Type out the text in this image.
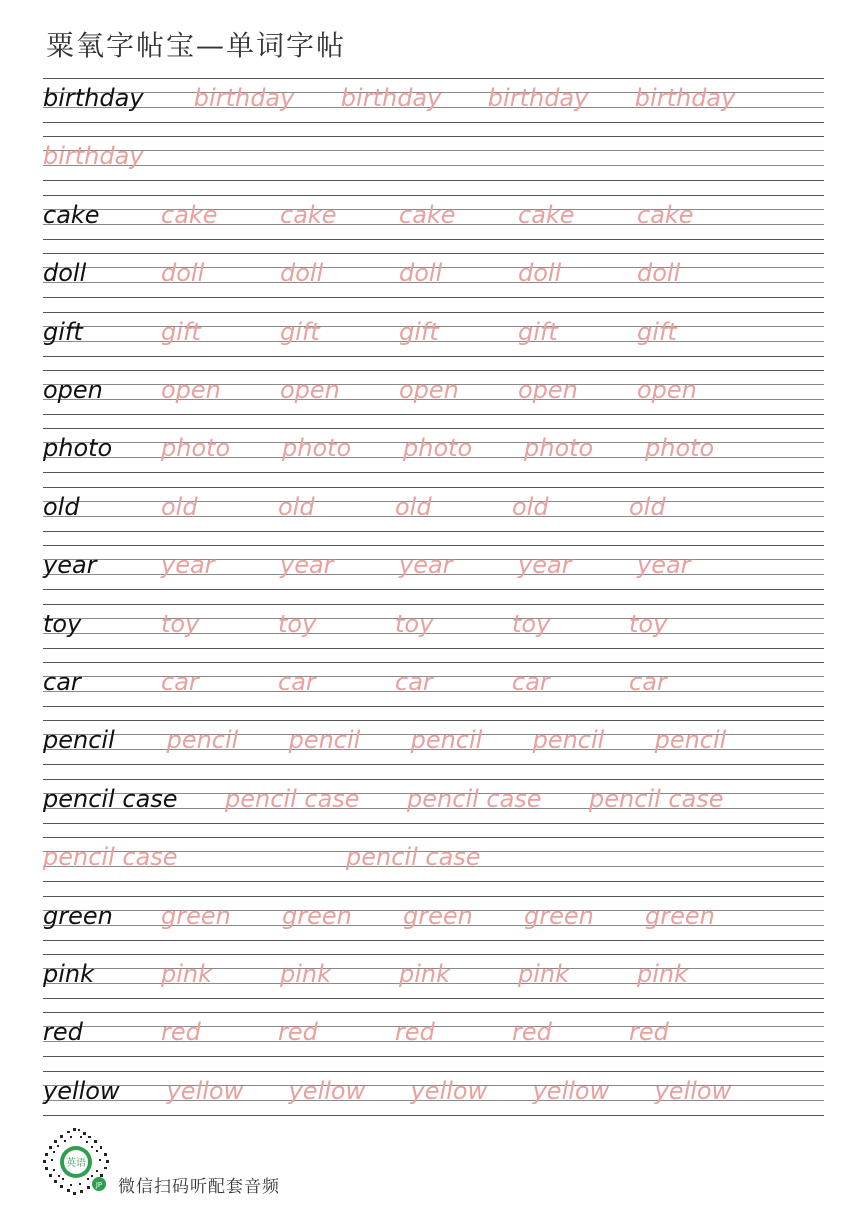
粟氧字帖宝—单词字帖
birthday birthday birthday birthday birthday
birthday
cake	cake	cake	cake	cake	cake
doll	doll	doll	doll	doll	doll
gift	gift	gift	gift	gift	gift
open open open open open open
photo photo photo photo photo photo
old	old	old	old	old	old
year	year	year	year	year	year
toy	toy	toy	toy	toy	toy
car	car	car	car	car	car
pencil pencil pencil pencil pencil pencil
pencil case pencil case pencil case pencil case
pencil case	pencil case
green green green green green green
pink	pink	pink	pink	pink	pink
red	red	red	red	red	red
yellow yellow yellow yellow yellow yellow
英语
JP 微信扫码听配套音频
